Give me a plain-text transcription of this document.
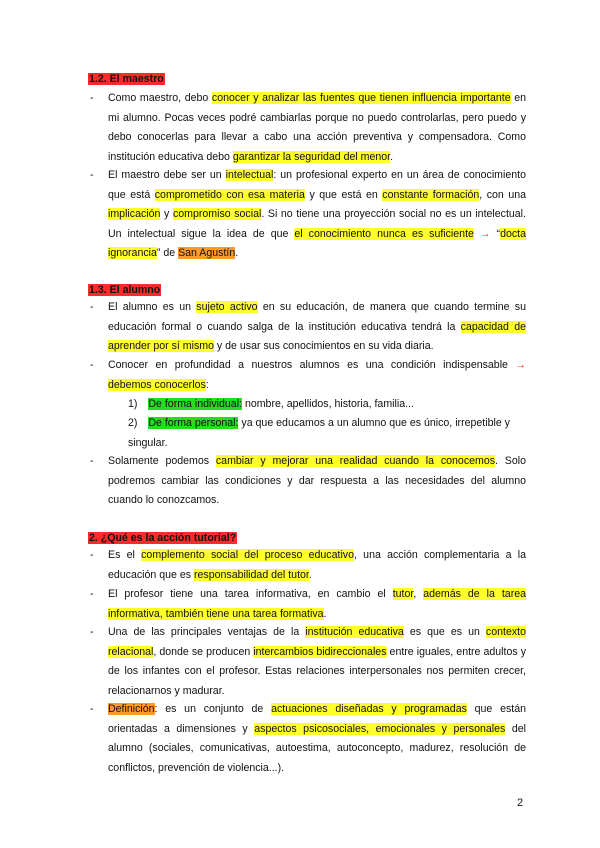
1.2. El maestro

- Como maestro, debo conocer y analizar las fuentes que tienen influencia importante en mi alumno. Pocas veces podré cambiarlas porque no puedo controlarlas, pero puedo y debo conocerlas para llevar a cabo una acción preventiva y compensadora. Como institución educativa debo garantizar la seguridad del menor.

- El maestro debe ser un intelectual: un profesional experto en un área de conocimiento que está comprometido con esa materia y que está en constante formación, con una implicación y compromiso social. Si no tiene una proyección social no es un intelectual. Un intelectual sigue la idea de que el conocimiento nunca es suficiente → “docta ignorancia” de San Agustín.

1.3. El alumno

- El alumno es un sujeto activo en su educación, de manera que cuando termine su educación formal o cuando salga de la institución educativa tendrá la capacidad de aprender por sí mismo y de usar sus conocimientos en su vida diaria.

- Conocer en profundidad a nuestros alumnos es una condición indispensable → debemos conocerlos:

1) De forma individual: nombre, apellidos, historia, familia...

2) De forma personal: ya que educamos a un alumno que es único, irrepetible y singular.

- Solamente podemos cambiar y mejorar una realidad cuando la conocemos. Solo podremos cambiar las condiciones y dar respuesta a las necesidades del alumno cuando lo conozcamos.

2. ¿Qué es la acción tutorial?

- Es el complemento social del proceso educativo, una acción complementaria a la educación que es responsabilidad del tutor.

- El profesor tiene una tarea informativa, en cambio el tutor, además de la tarea informativa, también tiene una tarea formativa.

- Una de las principales ventajas de la institución educativa es que es un contexto relacional, donde se producen intercambios bidireccionales entre iguales, entre adultos y de los infantes con el profesor. Estas relaciones interpersonales nos permiten crecer, relacionarnos y madurar.

- Definición: es un conjunto de actuaciones diseñadas y programadas que están orientadas a dimensiones y aspectos psicosociales, emocionales y personales del alumno (sociales, comunicativas, autoestima, autoconcepto, madurez, resolución de conflictos, prevención de violencia...).

2
